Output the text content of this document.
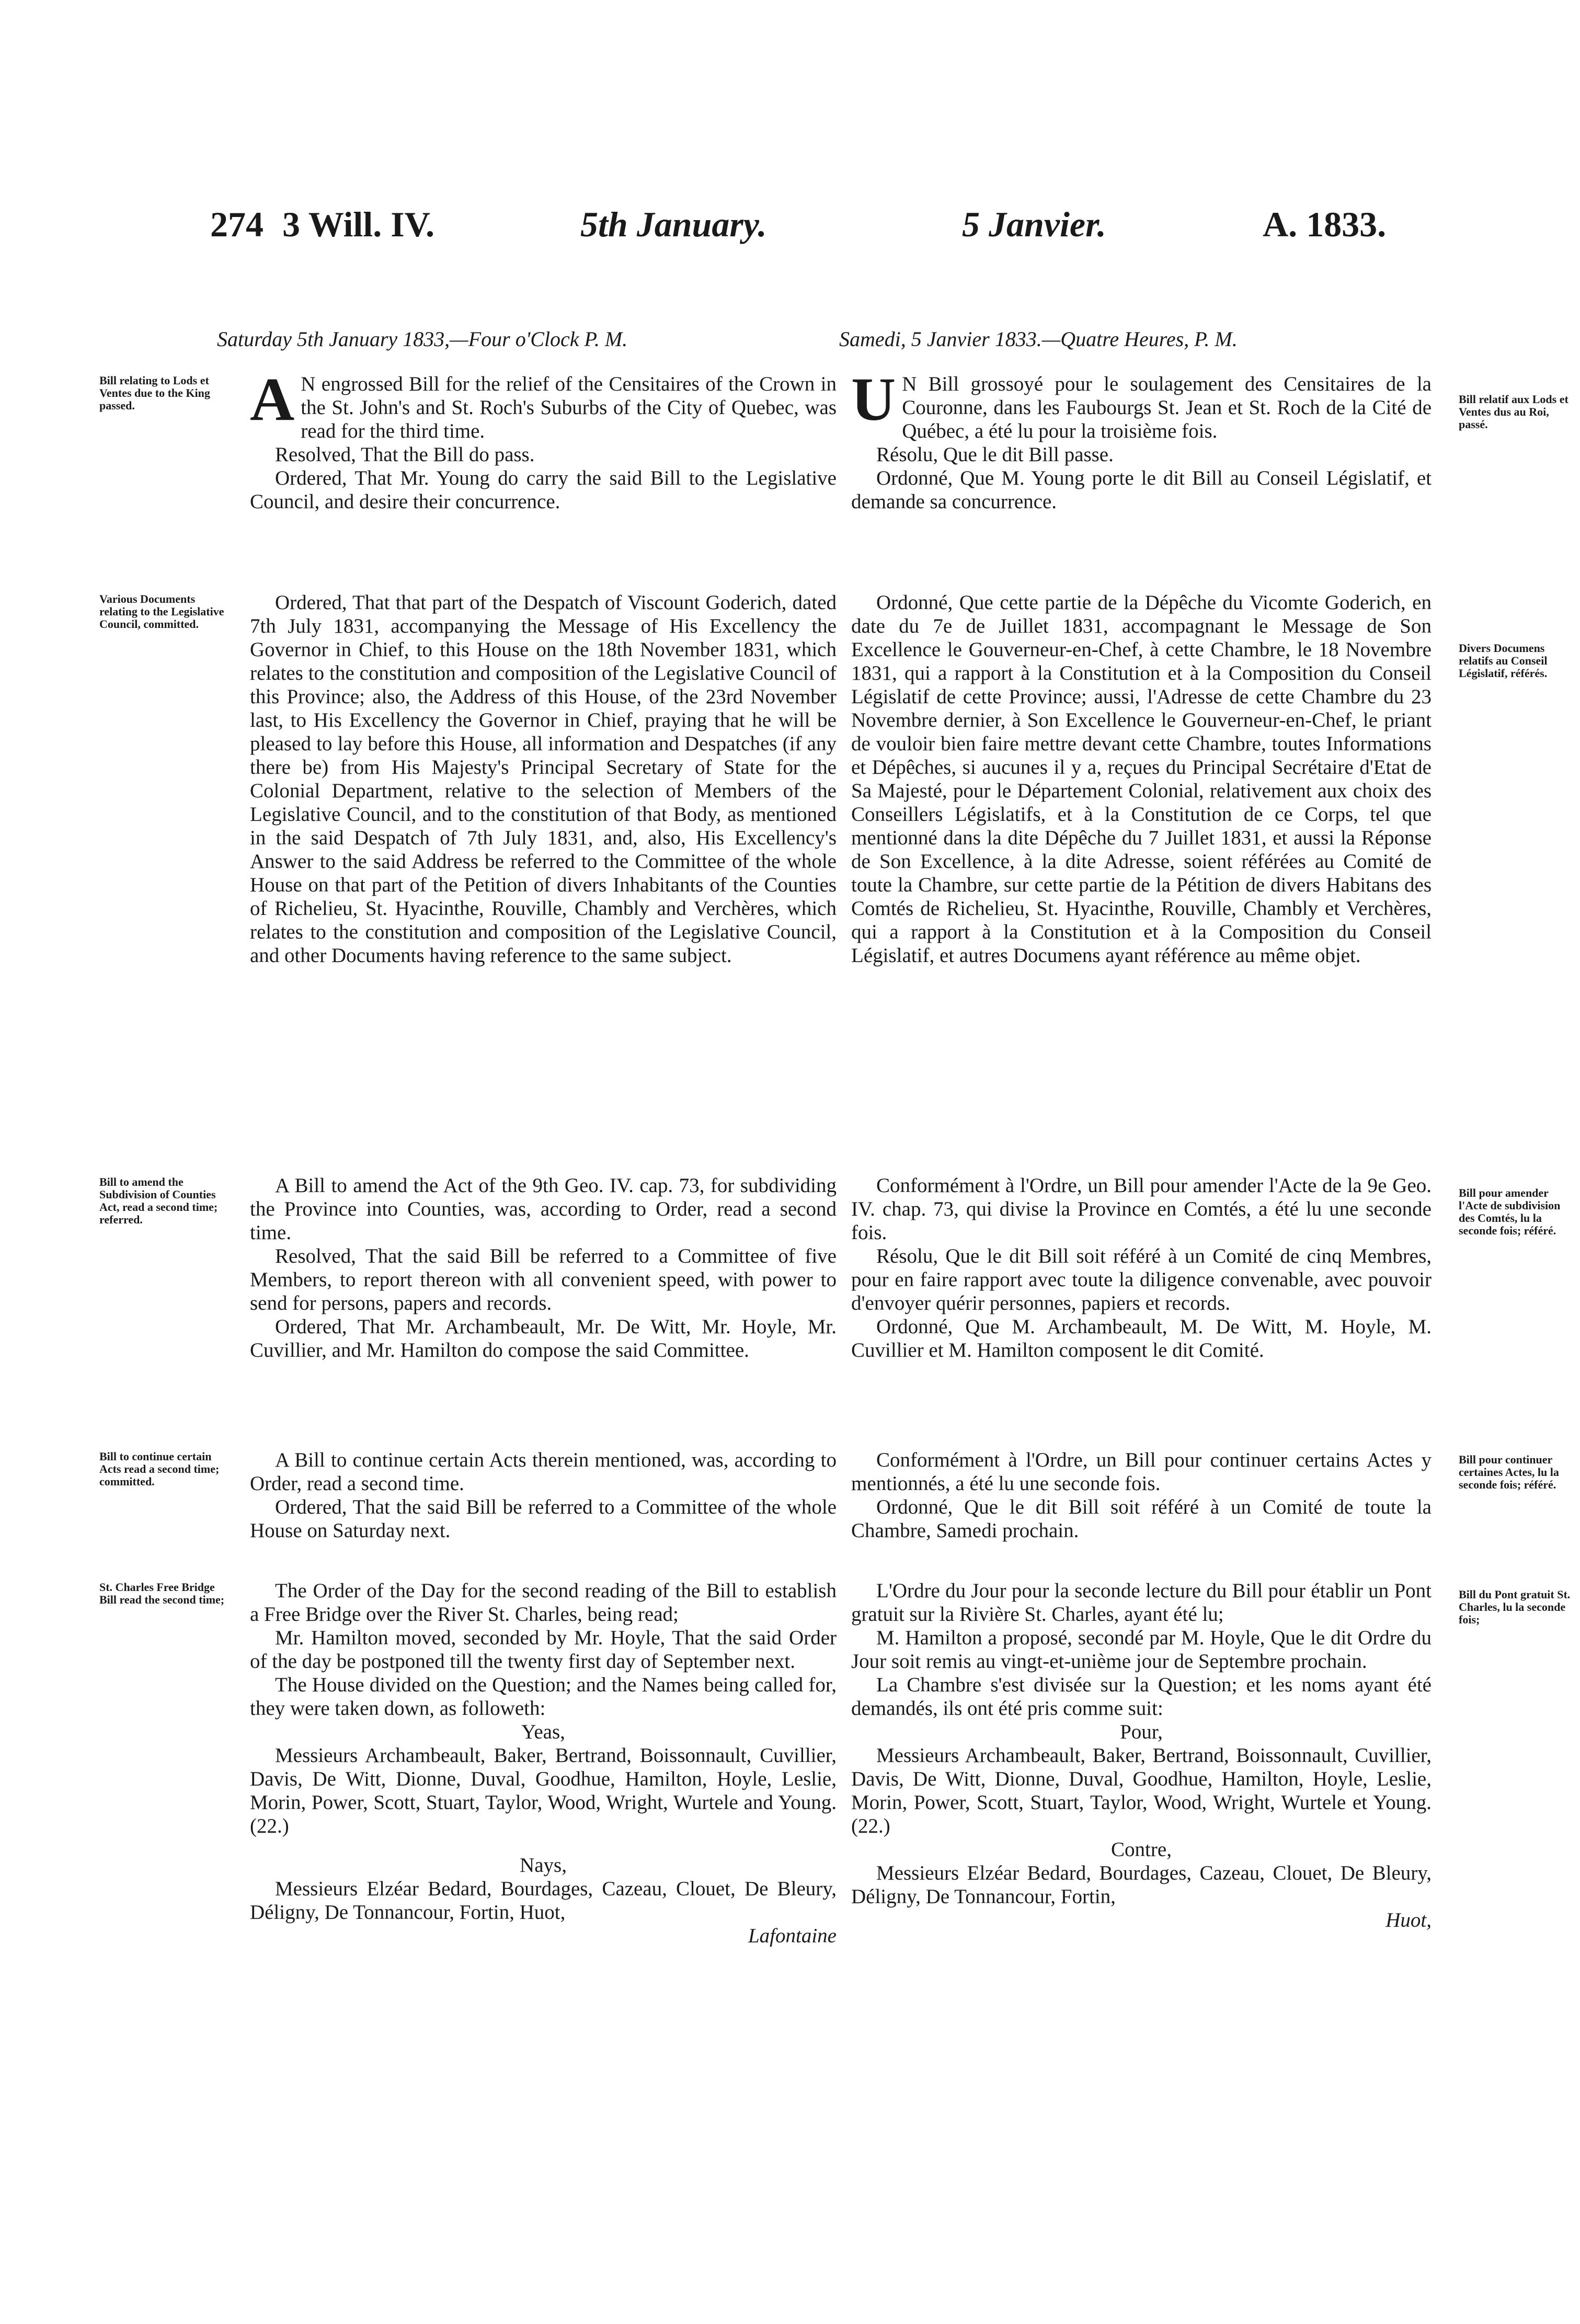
274 3 Will. IV.	5th January.	5 Janvier.	A. 1833.
Saturday 5th January 1833,—Four o'Clock P. M.	Samedi, 5 Janvier 1833.—Quatre Heures, P. M.
Bill relating to Lods et Ventes due to the King passed.
Various Documents relating to the Legislative Council, committed.
Bill to amend the Subdivision of Counties Act, read a second time; referred.
Bill to continue certain Acts read a second time; committed.
St. Charles Free Bridge Bill read the second time;
Bill relatif aux Lods et Ventes dus au Roi, passé.
Divers Documens relatifs au Conseil Législatif, référés.
Bill pour amender l'Acte de subdivision des Comtés, lu la seconde fois; référé.
Bill pour continuer certaines Actes, lu la seconde fois; référé.
Bill du Pont gratuit St. Charles, lu la seconde fois;

A N engrossed Bill for the relief of the Censitaires of the Crown in the St. John's and St. Roch's Suburbs of the City of Quebec, was read for the third time.

Resolved, That the Bill do pass.

Ordered, That Mr. Young do carry the said Bill to the Legislative Council, and desire their concurrence.

Ordered, That that part of the Despatch of Viscount Goderich, dated 7th July 1831, accompanying the Message of His Excellency the Governor in Chief, to this House on the 18th November 1831, which relates to the constitution and composition of the Legislative Council of this Province; also, the Address of this House, of the 23rd November last, to His Excellency the Governor in Chief, praying that he will be pleased to lay before this House, all information and Despatches (if any there be) from His Majesty's Principal Secretary of State for the Colonial Department, relative to the selection of Members of the Legislative Council, and to the constitution of that Body, as mentioned in the said Despatch of 7th July 1831, and, also, His Excellency's Answer to the said Address be referred to the Committee of the whole House on that part of the Petition of divers Inhabitants of the Counties of Richelieu, St. Hyacinthe, Rouville, Chambly and Verchères, which relates to the constitution and composition of the Legislative Council, and other Documents having reference to the same subject.

A Bill to amend the Act of the 9th Geo. IV. cap. 73, for subdividing the Province into Counties, was, according to Order, read a second time.

Resolved, That the said Bill be referred to a Committee of five Members, to report thereon with all convenient speed, with power to send for persons, papers and records.

Ordered, That Mr. Archambeault, Mr. De Witt, Mr. Hoyle, Mr. Cuvillier, and Mr. Hamilton do compose the said Committee.

A Bill to continue certain Acts therein mentioned, was, according to Order, read a second time.

Ordered, That the said Bill be referred to a Committee of the whole House on Saturday next.

The Order of the Day for the second reading of the Bill to establish a Free Bridge over the River St. Charles, being read;

Mr. Hamilton moved, seconded by Mr. Hoyle, That the said Order of the day be postponed till the twenty first day of September next.

The House divided on the Question; and the Names being called for, they were taken down, as followeth:

Yeas,

Messieurs Archambeault, Baker, Bertrand, Boissonnault, Cuvillier, Davis, De Witt, Dionne, Duval, Goodhue, Hamilton, Hoyle, Leslie, Morin, Power, Scott, Stuart, Taylor, Wood, Wright, Wurtele and Young.(22.)

Nays,

Messieurs Elzéar Bedard, Bourdages, Cazeau, Clouet, De Bleury, Déligny, De Tonnancour, Fortin, Huot,

Lafontaine

U N Bill grossoyé pour le soulagement des Censitaires de la Couronne, dans les Faubourgs St. Jean et St. Roch de la Cité de Québec, a été lu pour la troisième fois.

Résolu, Que le dit Bill passe.

Ordonné, Que M. Young porte le dit Bill au Conseil Législatif, et demande sa concurrence.

Ordonné, Que cette partie de la Dépêche du Vicomte Goderich, en date du 7e de Juillet 1831, accompagnant le Message de Son Excellence le Gouverneur-en-Chef, à cette Chambre, le 18 Novembre 1831, qui a rapport à la Constitution et à la Composition du Conseil Législatif de cette Province; aussi, l'Adresse de cette Chambre du 23 Novembre dernier, à Son Excellence le Gouverneur-en-Chef, le priant de vouloir bien faire mettre devant cette Chambre, toutes Informations et Dépêches, si aucunes il y a, reçues du Principal Secrétaire d'Etat de Sa Majesté, pour le Département Colonial, relativement aux choix des Conseillers Législatifs, et à la Constitution de ce Corps, tel que mentionné dans la dite Dépêche du 7 Juillet 1831, et aussi la Réponse de Son Excellence, à la dite Adresse, soient référées au Comité de toute la Chambre, sur cette partie de la Pétition de divers Habitans des Comtés de Richelieu, St. Hyacinthe, Rouville, Chambly et Verchères, qui a rapport à la Constitution et à la Composition du Conseil Législatif, et autres Documens ayant référence au même objet.

Conformément à l'Ordre, un Bill pour amender l'Acte de la 9e Geo. IV. chap. 73, qui divise la Province en Comtés, a été lu une seconde fois.

Résolu, Que le dit Bill soit référé à un Comité de cinq Membres, pour en faire rapport avec toute la diligence convenable, avec pouvoir d'envoyer quérir personnes, papiers et records.

Ordonné, Que M. Archambeault, M. De Witt, M. Hoyle, M. Cuvillier et M. Hamilton composent le dit Comité.

Conformément à l'Ordre, un Bill pour continuer certains Actes y mentionnés, a été lu une seconde fois.

Ordonné, Que le dit Bill soit référé à un Comité de toute la Chambre, Samedi prochain.

L'Ordre du Jour pour la seconde lecture du Bill pour établir un Pont gratuit sur la Rivière St. Charles, ayant été lu;

M. Hamilton a proposé, secondé par M. Hoyle, Que le dit Ordre du Jour soit remis au vingt-et-unième jour de Septembre prochain.

La Chambre s'est divisée sur la Question; et les noms ayant été demandés, ils ont été pris comme suit:

Pour,

Messieurs Archambeault, Baker, Bertrand, Boissonnault, Cuvillier, Davis, De Witt, Dionne, Duval, Goodhue, Hamilton, Hoyle, Leslie, Morin, Power, Scott, Stuart, Taylor, Wood, Wright, Wurtele et Young. (22.)

Contre,

Messieurs Elzéar Bedard, Bourdages, Cazeau, Clouet, De Bleury, Déligny, De Tonnancour, Fortin,

Huot,
